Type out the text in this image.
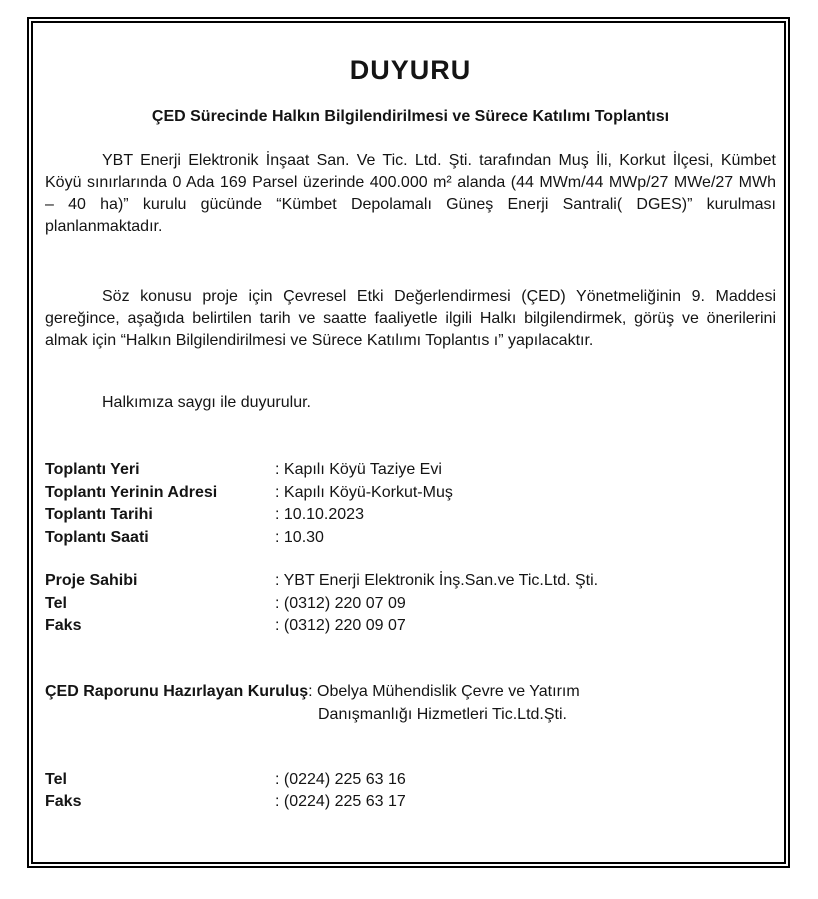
DUYURU
ÇED Sürecinde Halkın Bilgilendirilmesi ve Sürece Katılımı Toplantısı
YBT Enerji Elektronik İnşaat San. Ve Tic. Ltd. Şti. tarafından Muş İli, Korkut İlçesi, Kümbet
Köyü sınırlarında 0 Ada 169 Parsel üzerinde 400.000 m² alanda (44 MWm/44 MWp/27 MWe/27 MWh
– 40 ha)” kurulu gücünde “Kümbet Depolamalı Güneş Enerji Santrali( DGES)” kurulması
planlanmaktadır.
Söz konusu proje için Çevresel Etki Değerlendirmesi (ÇED) Yönetmeliğinin 9. Maddesi
gereğince, aşağıda belirtilen tarih ve saatte faaliyetle ilgili Halkı bilgilendirmek, görüş ve önerilerini
almak için “Halkın Bilgilendirilmesi ve Sürece Katılımı Toplantıs ı” yapılacaktır.
Halkımıza saygı ile duyurulur.
Toplantı Yeri	: Kapılı Köyü Taziye Evi
Toplantı Yerinin Adresi	: Kapılı Köyü-Korkut-Muş
Toplantı Tarihi	: 10.10.2023
Toplantı Saati	: 10.30
Proje Sahibi	: YBT Enerji Elektronik İnş.San.ve Tic.Ltd. Şti.
Tel	: (0312) 220 07 09
Faks	: (0312) 220 09 07
ÇED Raporunu Hazırlayan Kuruluş: Obelya Mühendislik Çevre ve Yatırım
Danışmanlığı Hizmetleri Tic.Ltd.Şti.
Tel	: (0224) 225 63 16
Faks	: (0224) 225 63 17
